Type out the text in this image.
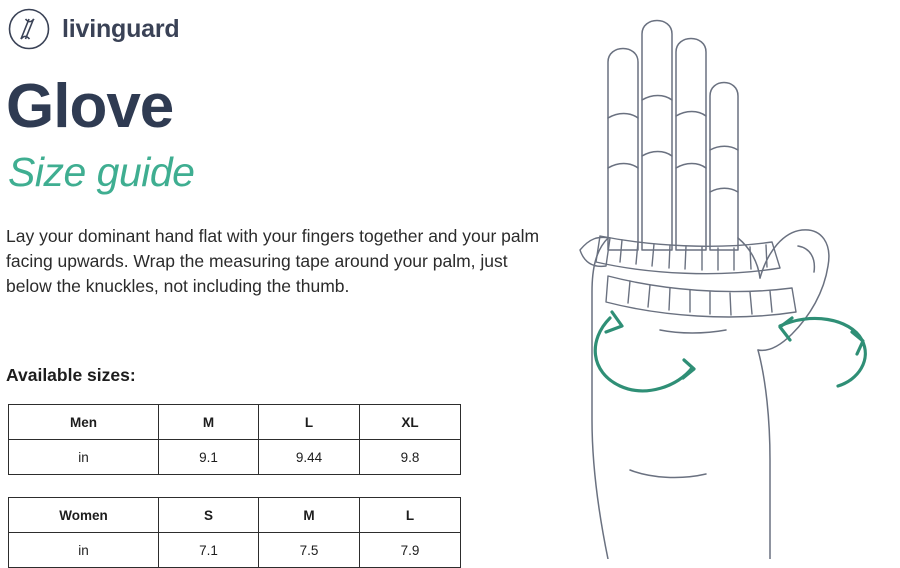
livinguard
Glove
Size guide
Lay your dominant hand flat with your fingers together and your palm facing upwards. Wrap the measuring tape around your palm, just below the knuckles, not including the thumb.
Available sizes:
Men	M	L	XL
in	9.1	9.44	9.8
Women	S	M	L
in	7.1	7.5	7.9
